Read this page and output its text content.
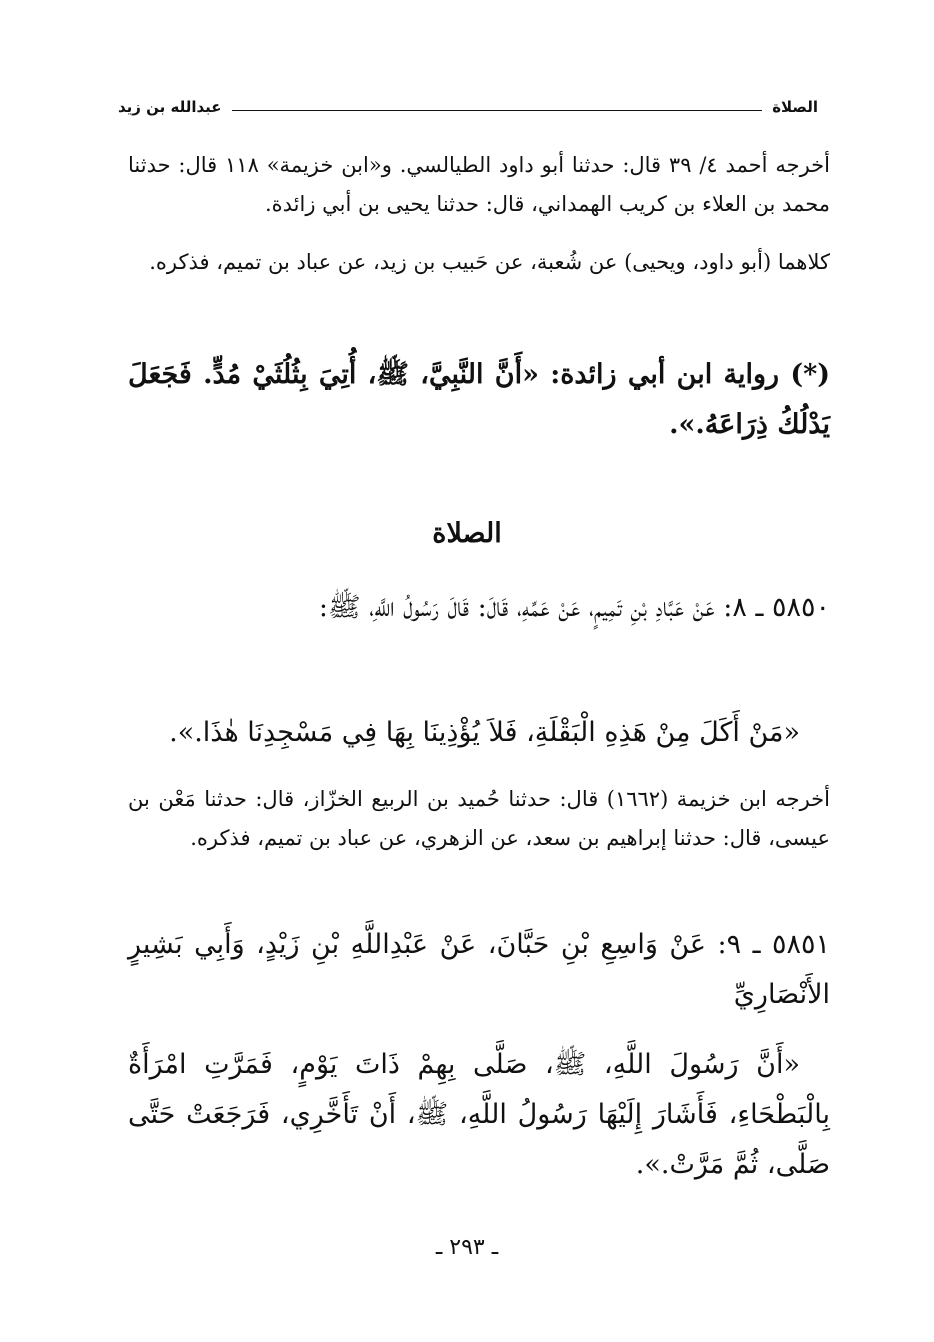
الصلاة
عبدالله بن زيد

أخرجه أحمد ٤/ ٣٩ قال: حدثنا أبو داود الطيالسي. و«ابن خزيمة» ١١٨ قال: حدثنا محمد بن العلاء بن كريب الهمداني، قال: حدثنا يحيى بن أبي زائدة.

كلاهما (أبو داود، ويحيى) عن شُعبة، عن حَبيب بن زيد، عن عباد بن تميم، فذكره.

(*) رواية ابن أبي زائدة: «أَنَّ النَّبِيَّ، ﷺ، أُتِيَ بِثُلُثَيْ مُدٍّ. فَجَعَلَ يَدْلُكُ ذِرَاعَهُ.».

الصلاة

٥٨٥٠ ـ ٨: عَنْ عَبَّادِ بْنِ تَمِيمٍ، عَنْ عَمِّهِ، قَالَ: قَالَ رَسُولُ اللَّهِ، ﷺ:

«مَنْ أَكَلَ مِنْ هَذِهِ الْبَقْلَةِ، فَلاَ يُؤْذِينَا بِهَا فِي مَسْجِدِنَا هٰذَا.».

أخرجه ابن خزيمة (١٦٦٢) قال: حدثنا حُميد بن الربيع الخزّاز، قال: حدثنا مَعْن بن عيسى، قال: حدثنا إبراهيم بن سعد، عن الزهري، عن عباد بن تميم، فذكره.

٥٨٥١ ـ ٩: عَنْ وَاسِعِ بْنِ حَبَّانَ، عَنْ عَبْدِاللَّهِ بْنِ زَيْدٍ، وَأَبِي بَشِيرٍ الأَنْصَارِيِّ

«أَنَّ رَسُولَ اللَّهِ، ﷺ، صَلَّى بِهِمْ ذَاتَ يَوْمٍ، فَمَرَّتِ امْرَأَةٌ بِالْبَطْحَاءِ، فَأَشَارَ إِلَيْهَا رَسُولُ اللَّهِ، ﷺ، أَنْ تَأَخَّرِي، فَرَجَعَتْ حَتَّى صَلَّى، ثُمَّ مَرَّتْ.».

ـ ٢٩٣ ـ
